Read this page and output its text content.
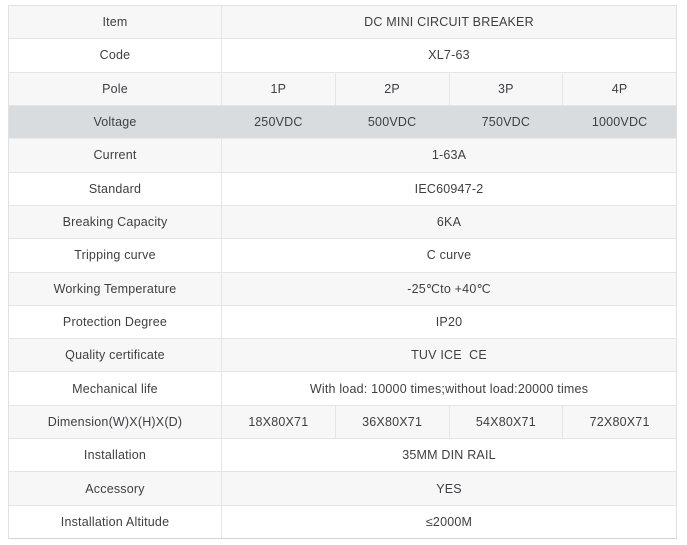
Item	DC MINI CIRCUIT BREAKER
Code	XL7-63
Pole	1P	2P	3P	4P
Voltage	250VDC	500VDC	750VDC	1000VDC
Current	1-63A
Standard	IEC60947-2
Breaking Capacity	6KA
Tripping curve	C curve
Working Temperature	-25℃to +40℃
Protection Degree	IP20
Quality certificate	TUV ICE  CE
Mechanical life	With load: 10000 times;without load:20000 times
Dimension(W)X(H)X(D)	18X80X71	36X80X71	54X80X71	72X80X71
Installation	35MM DIN RAIL
Accessory	YES
Installation Altitude	≤2000M
